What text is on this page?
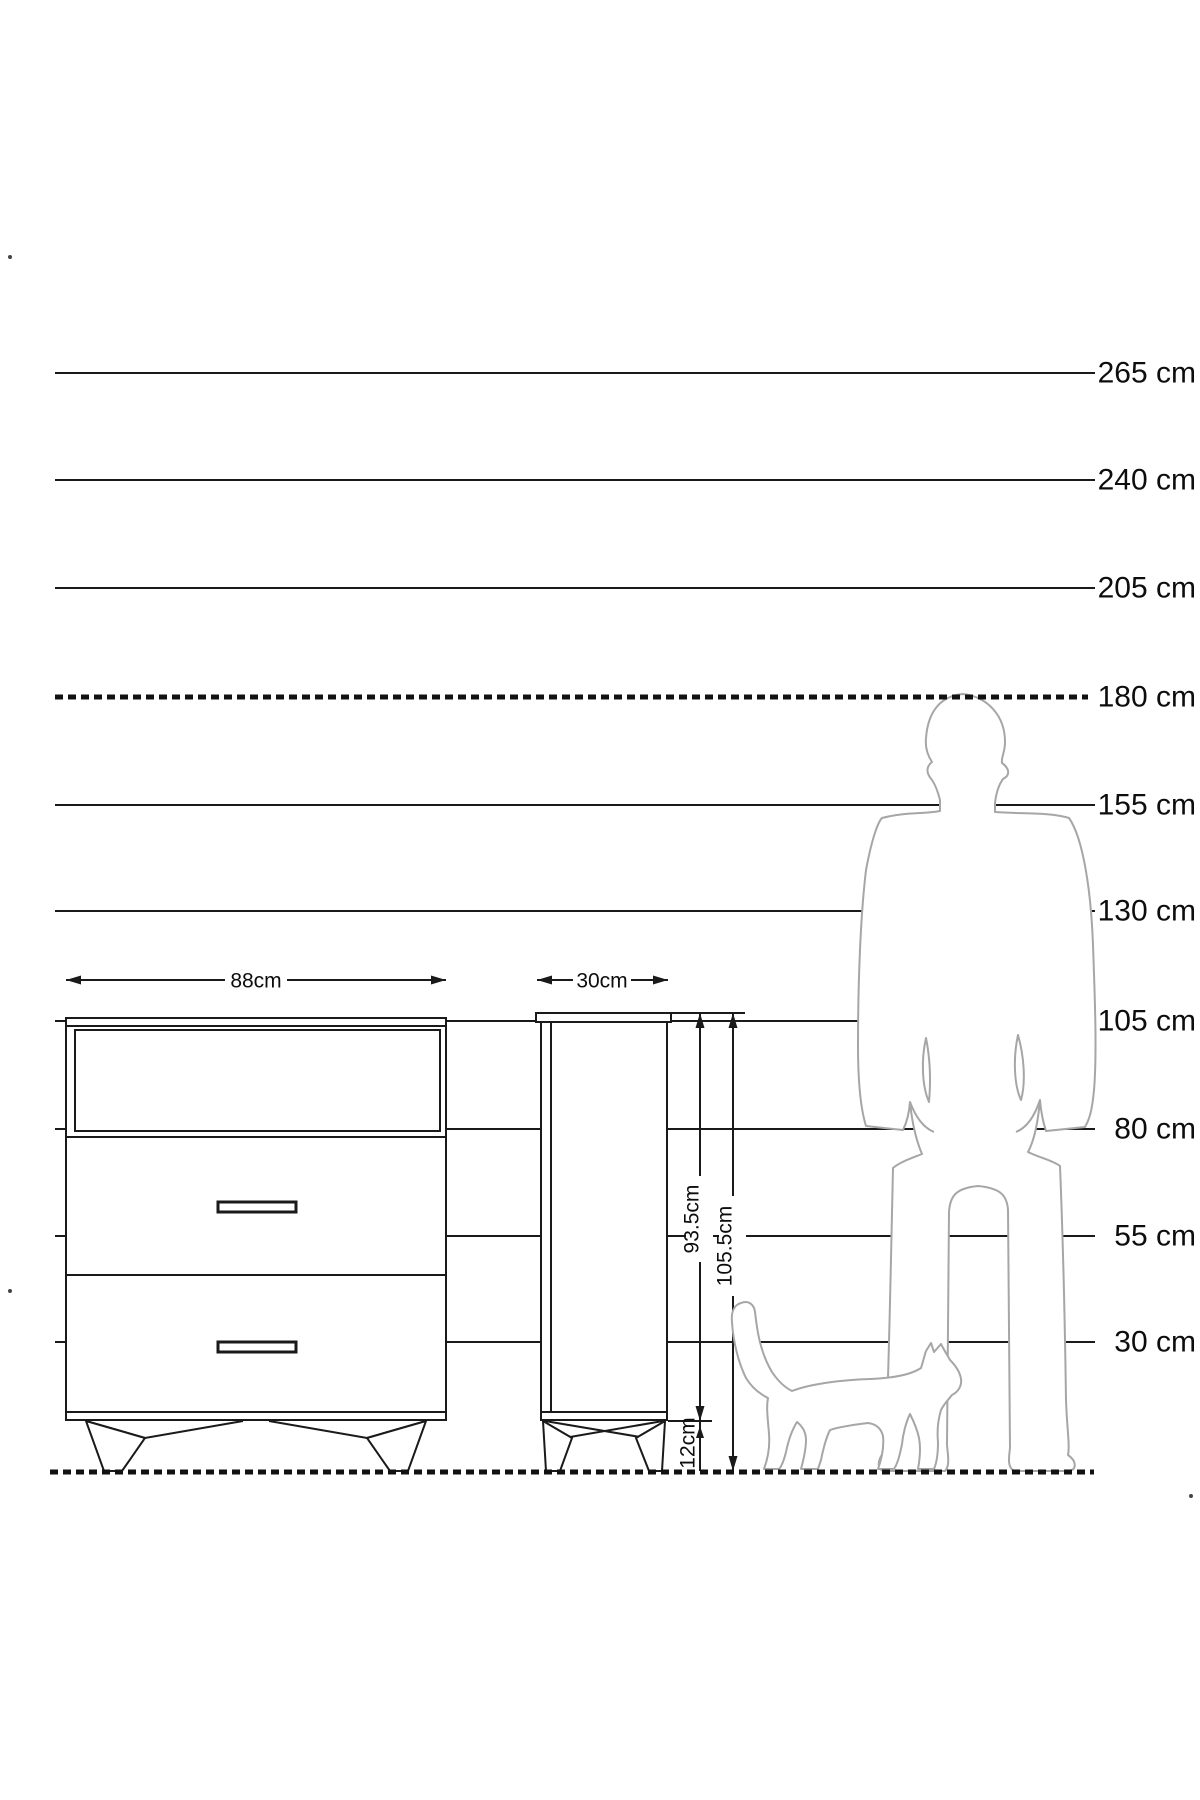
265 cm
240 cm
205 cm
180 cm
155 cm
130 cm
105 cm
80 cm
55 cm
30 cm
88cm	30cm
93.5cm
12cm
105.5cm
